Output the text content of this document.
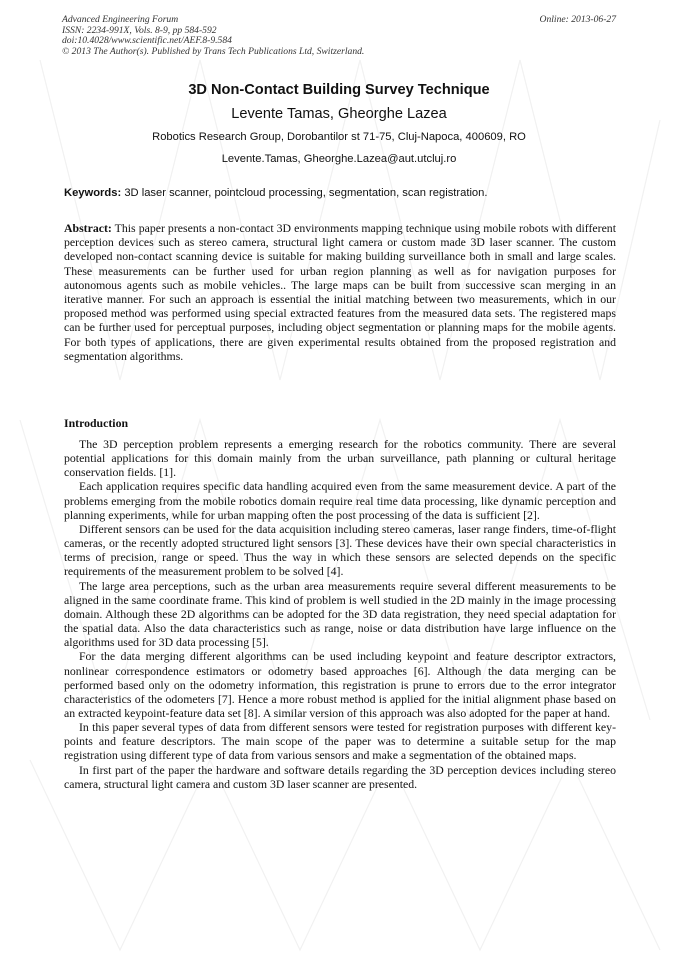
Advanced Engineering Forum
ISSN: 2234-991X, Vols. 8-9, pp 584-592
doi:10.4028/www.scientific.net/AEF.8-9.584
© 2013 The Author(s). Published by Trans Tech Publications Ltd, Switzerland.
Online: 2013-06-27
3D Non-Contact Building Survey Technique
Levente Tamas, Gheorghe Lazea
Robotics Research Group, Dorobantilor st 71-75, Cluj-Napoca, 400609, RO
Levente.Tamas, Gheorghe.Lazea@aut.utcluj.ro
Keywords: 3D laser scanner, pointcloud processing, segmentation, scan registration.

Abstract: This paper presents a non-contact 3D environments mapping technique using mobile robots with different perception devices such as stereo camera, structural light camera or custom made 3D laser scanner. The custom developed non-contact scanning device is suitable for making building surveillance both in small and large scales. These measurements can be further used for urban region planning as well as for navigation purposes for autonomous agents such as mobile vehicles.. The large maps can be built from successive scan merging in an iterative manner. For such an approach is essential the initial matching between two measurements, which in our proposed method was performed using special extracted features from the measured data sets. The registered maps can be further used for perceptual purposes, including object segmentation or planning maps for the mobile agents. For both types of applications, there are given experimental results obtained from the proposed registration and segmentation algorithms.

Introduction

The 3D perception problem represents a emerging research for the robotics community. There are several potential applications for this domain mainly from the urban surveillance, path planning or cultural heritage conservation fields. [1].

Each application requires specific data handling acquired even from the same measurement device. A part of the problems emerging from the mobile robotics domain require real time data processing, like dynamic perception and planning experiments, while for urban mapping often the post processing of the data is sufficient [2].

Different sensors can be used for the data acquisition including stereo cameras, laser range finders, time-of-flight cameras, or the recently adopted structured light sensors [3]. These devices have their own special characteristics in terms of precision, range or speed. Thus the way in which these sensors are selected depends on the specific requirements of the measurement problem to be solved [4].

The large area perceptions, such as the urban area measurements require several different measurements to be aligned in the same coordinate frame. This kind of problem is well studied in the 2D mainly in the image processing domain. Although these 2D algorithms can be adopted for the 3D data registration, they need special adaptation for the spatial data. Also the data characteristics such as range, noise or data distribution have large influence on the algorithms used for 3D data processing [5].

For the data merging different algorithms can be used including keypoint and feature descriptor extractors, nonlinear correspondence estimators or odometry based approaches [6]. Although the data merging can be performed based only on the odometry information, this registration is prune to errors due to the error integrator characteristics of the odometers [7]. Hence a more robust method is applied for the initial alignment phase based on an extracted keypoint-feature data set [8]. A similar version of this approach was also adopted for the paper at hand.

In this paper several types of data from different sensors were tested for registration purposes with different key-points and feature descriptors. The main scope of the paper was to determine a suitable setup for the map registration using different type of data from various sensors and make a segmentation of the obtained maps.

In first part of the paper the hardware and software details regarding the 3D perception devices including stereo camera, structural light camera and custom 3D laser scanner are presented.
